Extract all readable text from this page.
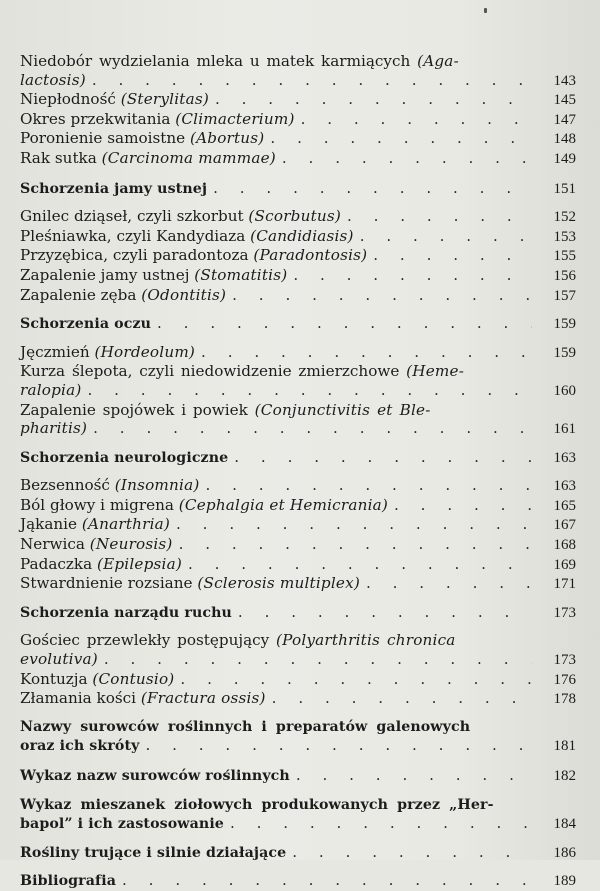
Niedobór wydzielania mleka u matek karmiących (Aga-
lactosis) . . .	143
Niepłodność (Sterylitas) . . .	145
Okres przekwitania (Climacterium) . . .	147
Poronienie samoistne (Abortus) . . .	148
Rak sutka (Carcinoma mammae) . . .	149
Schorzenia jamy ustnej . . .	151
Gnilec dziąseł, czyli szkorbut (Scorbutus) . . .	152
Pleśniawka, czyli Kandydiaza (Candidiasis) . . .	153
Przyzębica, czyli paradontoza (Paradontosis) . . .	155
Zapalenie jamy ustnej (Stomatitis) . . .	156
Zapalenie zęba (Odontitis) . . .	157
Schorzenia oczu . . .	159
Jęczmień (Hordeolum) . . .	159
Kurza ślepota, czyli niedowidzenie zmierzchowe (Heme-
ralopia) . . .	160
Zapalenie spojówek i powiek (Conjunctivitis et Ble-
pharitis) . . .	161
Schorzenia neurologiczne . . .	163
Bezsenność (Insomnia) . . .	163
Ból głowy i migrena (Cephalgia et Hemicrania) . . .	165
Jąkanie (Anarthria) . . .	167
Nerwica (Neurosis) . . .	168
Padaczka (Epilepsia) . . .	169
Stwardnienie rozsiane (Sclerosis multiplex) . . .	171
Schorzenia narządu ruchu . . .	173
Gościec przewlekły postępujący (Polyarthritis chronica
evolutiva) . . .	173
Kontuzja (Contusio) . . .	176
Złamania kości (Fractura ossis) . . .	178
Nazwy surowców roślinnych i preparatów galenowych
oraz ich skróty . . .	181
Wykaz nazw surowców roślinnych . . .	182
Wykaz mieszanek ziołowych produkowanych przez „Her-
bapol” i ich zastosowanie . . .	184
Rośliny trujące i silnie działające . . .	186
Bibliografia . . .	189
